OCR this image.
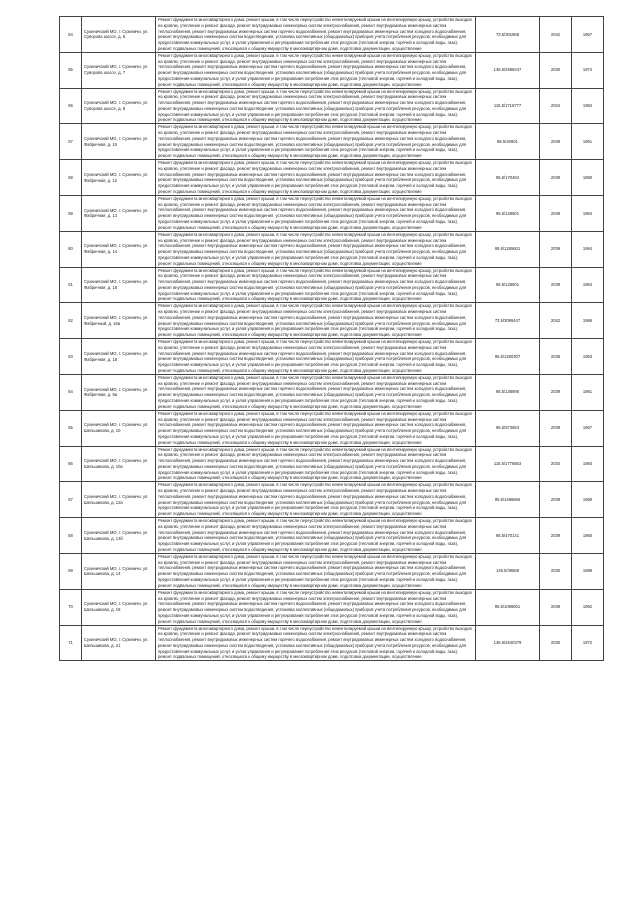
54	Сухиничский МО, г. Сухиничи, ул. Суворова шоссе, д. 5	Ремонт фундамента многоквартирного дома, ремонт крыши, в том числе переустройство невентилируемой крыши на вентилируемую крышу, устройство выходов на кровлю, утепление и ремонт фасада, ремонт внутридомовых инженерных систем электроснабжения, ремонт внутридомовых инженерных систем теплоснабжения, ремонт внутридомовых инженерных систем горячего водоснабжения, ремонт внутридомовых инженерных систем холодного водоснабжения, ремонт внутридомовых инженерных систем водоотведения, установка коллективных (общедомовых) приборов учета потребления ресурсов, необходимых для предоставления коммунальных услуг, и узлов управления и регулирования потребления этих ресурсов (тепловой энергии, горячей и холодной воды, газа), ремонт подвальных помещений, относящихся к общему имуществу в многоквартирном доме, подготовка документации, осуществление	73.5/301868	2042	1967
55	Сухиничский МО, г. Сухиничи, ул. Суворова шоссе, д. 7	Ремонт фундамента многоквартирного дома, ремонт крыши, в том числе переустройство невентилируемой крыши на вентилируемую крышу, устройство выходов на кровлю, утепление и ремонт фасада, ремонт внутридомовых инженерных систем электроснабжения, ремонт внутридомовых инженерных систем теплоснабжения, ремонт внутридомовых инженерных систем горячего водоснабжения, ремонт внутридомовых инженерных систем холодного водоснабжения, ремонт внутридомовых инженерных систем водоотведения, установка коллективных (общедомовых) приборов учета потребления ресурсов, необходимых для предоставления коммунальных услуг, и узлов управления и регулирования потребления этих ресурсов (тепловой энергии, горячей и холодной воды, газа), ремонт подвальных помещений, относящихся к общему имуществу в многоквартирном доме, подготовка документации, осуществление	136.5/2588447	2030	1974
56	Сухиничский МО, г. Сухиничи, ул. Суворова шоссе, д. 8	Ремонт фундамента многоквартирного дома, ремонт крыши, в том числе переустройство невентилируемой крыши на вентилируемую крышу, устройство выходов на кровлю, утепление и ремонт фасада, ремонт внутридомовых инженерных систем электроснабжения, ремонт внутридомовых инженерных систем теплоснабжения, ремонт внутридомовых инженерных систем горячего водоснабжения, ремонт внутридомовых инженерных систем холодного водоснабжения, ремонт внутридомовых инженерных систем водоотведения, установка коллективных (общедомовых) приборов учета потребления ресурсов, необходимых для предоставления коммунальных услуг, и узлов управления и регулирования потребления этих ресурсов (тепловой энергии, горячей и холодной воды, газа), ремонт подвальных помещений, относящихся к общему имуществу в многоквартирном доме, подготовка документации, осуществление	115.5/1716777	2034	1984
57	Сухиничский МО, г. Сухиничи, ул. Фабричная, д. 10	Ремонт фундамента многоквартирного дома, ремонт крыши, в том числе переустройство невентилируемой крыши на вентилируемую крышу, устройство выходов на кровлю, утепление и ремонт фасада, ремонт внутридомовых инженерных систем электроснабжения, ремонт внутридомовых инженерных систем теплоснабжения, ремонт внутридомовых инженерных систем горячего водоснабжения, ремонт внутридомовых инженерных систем холодного водоснабжения, ремонт внутридомовых инженерных систем водоотведения, установка коллективных (общедомовых) приборов учета потребления ресурсов, необходимых для предоставления коммунальных услуг, и узлов управления и регулирования потребления этих ресурсов (тепловой энергии, горячей и холодной воды, газа), ремонт подвальных помещений, относящихся к общему имуществу в многоквартирном доме, подготовка документации, осуществление	95.5/40601	2039	1961
58	Сухиничский МО, г. Сухиничи, ул. Фабричная, д. 12	Ремонт фундамента многоквартирного дома, ремонт крыши, в том числе переустройство невентилируемой крыши на вентилируемую крышу, устройство выходов на кровлю, утепление и ремонт фасада, ремонт внутридомовых инженерных систем электроснабжения, ремонт внутридомовых инженерных систем теплоснабжения, ремонт внутридомовых инженерных систем горячего водоснабжения, ремонт внутридомовых инженерных систем холодного водоснабжения, ремонт внутридомовых инженерных систем водоотведения, установка коллективных (общедомовых) приборов учета потребления ресурсов, необходимых для предоставления коммунальных услуг, и узлов управления и регулирования потребления этих ресурсов (тепловой энергии, горячей и холодной воды, газа), ремонт подвальных помещений, относящихся к общему имуществу в многоквартирном доме, подготовка документации, осуществление	95.5/170484	2039	1960
59	Сухиничский МО, г. Сухиничи, ул. Фабричная, д. 13	Ремонт фундамента многоквартирного дома, ремонт крыши, в том числе переустройство невентилируемой крыши на вентилируемую крышу, устройство выходов на кровлю, утепление и ремонт фасада, ремонт внутридомовых инженерных систем электроснабжения, ремонт внутридомовых инженерных систем теплоснабжения, ремонт внутридомовых инженерных систем горячего водоснабжения, ремонт внутридомовых инженерных систем холодного водоснабжения, ремонт внутридомовых инженерных систем водоотведения, установка коллективных (общедомовых) приборов учета потребления ресурсов, необходимых для предоставления коммунальных услуг, и узлов управления и регулирования потребления этих ресурсов (тепловой энергии, горячей и холодной воды, газа), ремонт подвальных помещений, относящихся к общему имуществу в многоквартирном доме, подготовка документации, осуществление	95.5/128601	2039	1964
60	Сухиничский МО, г. Сухиничи, ул. Фабричная, д. 14	Ремонт фундамента многоквартирного дома, ремонт крыши, в том числе переустройство невентилируемой крыши на вентилируемую крышу, устройство выходов на кровлю, утепление и ремонт фасада, ремонт внутридомовых инженерных систем электроснабжения, ремонт внутридомовых инженерных систем теплоснабжения, ремонт внутридомовых инженерных систем горячего водоснабжения, ремонт внутридомовых инженерных систем холодного водоснабжения, ремонт внутридомовых инженерных систем водоотведения, установка коллективных (общедомовых) приборов учета потребления ресурсов, необходимых для предоставления коммунальных услуг, и узлов управления и регулирования потребления этих ресурсов (тепловой энергии, горячей и холодной воды, газа), ремонт подвальных помещений, относящихся к общему имуществу в многоквартирном доме, подготовка документации, осуществление	95.5/1265601	2039	1964
61	Сухиничский МО, г. Сухиничи, ул. Фабричная, д. 16	Ремонт фундамента многоквартирного дома, ремонт крыши, в том числе переустройство невентилируемой крыши на вентилируемую крышу, устройство выходов на кровлю, утепление и ремонт фасада, ремонт внутридомовых инженерных систем электроснабжения, ремонт внутридомовых инженерных систем теплоснабжения, ремонт внутридомовых инженерных систем горячего водоснабжения, ремонт внутридомовых инженерных систем холодного водоснабжения, ремонт внутридомовых инженерных систем водоотведения, установка коллективных (общедомовых) приборов учета потребления ресурсов, необходимых для предоставления коммунальных услуг, и узлов управления и регулирования потребления этих ресурсов (тепловой энергии, горячей и холодной воды, газа), ремонт подвальных помещений, относящихся к общему имуществу в многоквартирном доме, подготовка документации, осуществление	95.5/126601	2039	1964
62	Сухиничский МО, г. Сухиничи, ул. Фабричный, д. 16а	Ремонт фундамента многоквартирного дома, ремонт крыши, в том числе переустройство невентилируемой крыши на вентилируемую крышу, устройство выходов на кровлю, утепление и ремонт фасада, ремонт внутридомовых инженерных систем электроснабжения, ремонт внутридомовых инженерных систем теплоснабжения, ремонт внутридомовых инженерных систем горячего водоснабжения, ремонт внутридомовых инженерных систем холодного водоснабжения, ремонт внутридомовых инженерных систем водоотведения, установка коллективных (общедомовых) приборов учета потребления ресурсов, необходимых для предоставления коммунальных услуг, и узлов управления и регулирования потребления этих ресурсов (тепловой энергии, горячей и холодной воды, газа), ремонт подвальных помещений, относящихся к общему имуществу в многоквартирном доме, подготовка документации, осуществление	73.5/3099447	2042	1966
63	Сухиничский МО, г. Сухиничи, ул. Фабричная, д. 18	Ремонт фундамента многоквартирного дома, ремонт крыши, в том числе переустройство невентилируемой крыши на вентилируемую крышу, устройство выходов на кровлю, утепление и ремонт фасада, ремонт внутридомовых инженерных систем электроснабжения, ремонт внутридомовых инженерных систем теплоснабжения, ремонт внутридомовых инженерных систем горячего водоснабжения, ремонт внутридомовых инженерных систем холодного водоснабжения, ремонт внутридомовых инженерных систем водоотведения, установка коллективных (общедомовых) приборов учета потребления ресурсов, необходимых для предоставления коммунальных услуг, и узлов управления и регулирования потребления этих ресурсов (тепловой энергии, горячей и холодной воды, газа), ремонт подвальных помещений, относящихся к общему имуществу в многоквартирном доме, подготовка документации, осуществление	95.5/1260307	2038	1963
64	Сухиничский МО, г. Сухиничи, ул. Фабричная, д. 8а	Ремонт фундамента многоквартирного дома, ремонт крыши, в том числе переустройство невентилируемой крыши на вентилируемую крышу, устройство выходов на кровлю, утепление и ремонт фасада, ремонт внутридомовых инженерных систем электроснабжения, ремонт внутридомовых инженерных систем теплоснабжения, ремонт внутридомовых инженерных систем горячего водоснабжения, ремонт внутридомовых инженерных систем холодного водоснабжения, ремонт внутридомовых инженерных систем водоотведения, установка коллективных (общедомовых) приборов учета потребления ресурсов, необходимых для предоставления коммунальных услуг, и узлов управления и регулирования потребления этих ресурсов (тепловой энергии, горячей и холодной воды, газа), ремонт подвальных помещений, относящихся к общему имуществу в многоквартирном доме, подготовка документации, осуществление	95.5/138896	2039	1961
65	Сухиничский МО, г. Сухиничи, ул. Шельшикова, д. 10	Ремонт фундамента многоквартирного дома, ремонт крыши, в том числе переустройство невентилируемой крыши на вентилируемую крышу, устройство выходов на кровлю, утепление и ремонт фасада, ремонт внутридомовых инженерных систем электроснабжения, ремонт внутридомовых инженерных систем теплоснабжения, ремонт внутридомовых инженерных систем горячего водоснабжения, ремонт внутридомовых инженерных систем холодного водоснабжения, ремонт внутридомовых инженерных систем водоотведения, установка коллективных (общедомовых) приборов учета потребления ресурсов, необходимых для предоставления коммунальных услуг, и узлов управления и регулирования потребления этих ресурсов (тепловой энергии, горячей и холодной воды, газа), ремонт подвальных помещений, относящихся к общему имуществу в многоквартирном доме, подготовка документации, осуществление	95.5/673653	2039	1967
66	Сухиничский МО, г. Сухиничи, ул. Шельшикова, д. 10а	Ремонт фундамента многоквартирного дома, ремонт крыши, в том числе переустройство невентилируемой крыши на вентилируемую крышу, устройство выходов на кровлю, утепление и ремонт фасада, ремонт внутридомовых инженерных систем электроснабжения, ремонт внутридомовых инженерных систем теплоснабжения, ремонт внутридомовых инженерных систем горячего водоснабжения, ремонт внутридомовых инженерных систем холодного водоснабжения, ремонт внутридомовых инженерных систем водоотведения, установка коллективных (общедомовых) приборов учета потребления ресурсов, необходимых для предоставления коммунальных услуг, и узлов управления и регулирования потребления этих ресурсов (тепловой энергии, горячей и холодной воды, газа), ремонт подвальных помещений, относящихся к общему имуществу в многоквартирном доме, подготовка документации, осуществление	115.5/1776653	2034	1984
67	Сухиничский МО, г. Сухиничи, ул. Шельшикова, д. 12а	Ремонт фундамента многоквартирного дома, ремонт крыши, в том числе переустройство невентилируемой крыши на вентилируемую крышу, устройство выходов на кровлю, утепление и ремонт фасада, ремонт внутридомовых инженерных систем электроснабжения, ремонт внутридомовых инженерных систем теплоснабжения, ремонт внутридомовых инженерных систем горячего водоснабжения, ремонт внутридомовых инженерных систем холодного водоснабжения, ремонт внутридомовых инженерных систем водоотведения, установка коллективных (общедомовых) приборов учета потребления ресурсов, необходимых для предоставления коммунальных услуг, и узлов управления и регулирования потребления этих ресурсов (тепловой энергии, горячей и холодной воды, газа), ремонт подвальных помещений, относящихся к общему имуществу в многоквартирном доме, подготовка документации, осуществление	95.5/1496666	2039	1969
68	Сухиничский МО, г. Сухиничи, ул. Шельшикова, д. 13б	Ремонт фундамента многоквартирного дома, ремонт крыши, в том числе переустройство невентилируемой крыши на вентилируемую крышу, устройство выходов на кровлю, утепление и ремонт фасада, ремонт внутридомовых инженерных систем электроснабжения, ремонт внутридомовых инженерных систем теплоснабжения, ремонт внутридомовых инженерных систем горячего водоснабжения, ремонт внутридомовых инженерных систем холодного водоснабжения, ремонт внутридомовых инженерных систем водоотведения, установка коллективных (общедомовых) приборов учета потребления ресурсов, необходимых для предоставления коммунальных услуг, и узлов управления и регулирования потребления этих ресурсов (тепловой энергии, горячей и холодной воды, газа), ремонт подвальных помещений, относящихся к общему имуществу в многоквартирном доме, подготовка документации, осуществление	95.5/470141	2039	1960
69	Сухиничский МО, г. Сухиничи, ул. Шельшикова, д. 14	Ремонт фундамента многоквартирного дома, ремонт крыши, в том числе переустройство невентилируемой крыши на вентилируемую крышу, устройство выходов на кровлю, утепление и ремонт фасада, ремонт внутридомовых инженерных систем электроснабжения, ремонт внутридомовых инженерных систем теплоснабжения, ремонт внутридомовых инженерных систем горячего водоснабжения, ремонт внутридомовых инженерных систем холодного водоснабжения, ремонт внутридомовых инженерных систем водоотведения, установка коллективных (общедомовых) приборов учета потребления ресурсов, необходимых для предоставления коммунальных услуг, и узлов управления и регулирования потребления этих ресурсов (тепловой энергии, горячей и холодной воды, газа), ремонт подвальных помещений, относящихся к общему имуществу в многоквартирном доме, подготовка документации, осуществление	136.5/39669	2030	1988
70	Сухиничский МО, г. Сухиничи, ул. Шельшикова, д. 18	Ремонт фундамента многоквартирного дома, ремонт крыши, в том числе переустройство невентилируемой крыши на вентилируемую крышу, устройство выходов на кровлю, утепление и ремонт фасада, ремонт внутридомовых инженерных систем электроснабжения, ремонт внутридомовых инженерных систем теплоснабжения, ремонт внутридомовых инженерных систем горячего водоснабжения, ремонт внутридомовых инженерных систем холодного водоснабжения, ремонт внутридомовых инженерных систем водоотведения, установка коллективных (общедомовых) приборов учета потребления ресурсов, необходимых для предоставления коммунальных услуг, и узлов управления и регулирования потребления этих ресурсов (тепловой энергии, горячей и холодной воды, газа), ремонт подвальных помещений, относящихся к общему имуществу в многоквартирном доме, подготовка документации, осуществление	95.5/1096601	2039	1962
71	Сухиничский МО, г. Сухиничи, ул. Шельшикова, д. 21	Ремонт фундамента многоквартирного дома, ремонт крыши, в том числе переустройство невентилируемой крыши на вентилируемую крышу, устройство выходов на кровлю, утепление и ремонт фасада, ремонт внутридомовых инженерных систем электроснабжения, ремонт внутридомовых инженерных систем теплоснабжения, ремонт внутридомовых инженерных систем горячего водоснабжения, ремонт внутридомовых инженерных систем холодного водоснабжения, ремонт внутридомовых инженерных систем водоотведения, установка коллективных (общедомовых) приборов учета потребления ресурсов, необходимых для предоставления коммунальных услуг, и узлов управления и регулирования потребления этих ресурсов (тепловой энергии, горячей и холодной воды, газа), ремонт подвальных помещений, относящихся к общему имуществу в многоквартирном доме, подготовка документации, осуществление	136.5/2540379	2030	1972
